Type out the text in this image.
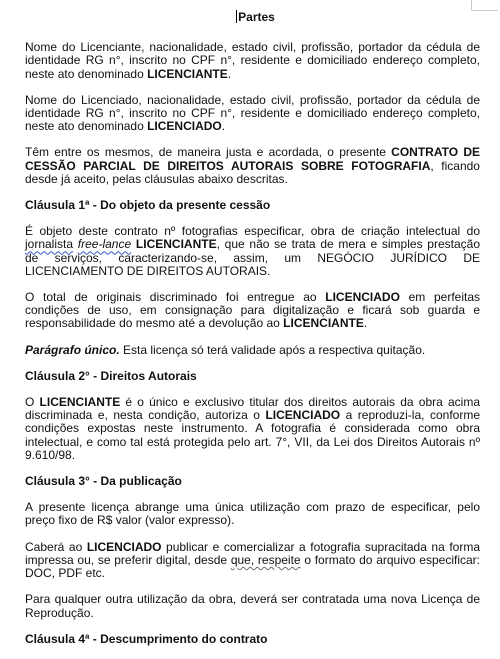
Partes

Nome do Licenciante, nacionalidade, estado civil, profissão, portador da cédula de identidade RG n°, inscrito no CPF n°, residente e domiciliado endereço completo, neste ato denominado LICENCIANTE.

Nome do Licenciado, nacionalidade, estado civil, profissão, portador da cédula de identidade RG n°, inscrito no CPF n°, residente e domiciliado endereço completo, neste ato denominado LICENCIADO.

Têm entre os mesmos, de maneira justa e acordada, o presente CONTRATO DE CESSÃO PARCIAL DE DIREITOS AUTORAIS SOBRE FOTOGRAFIA, ficando desde já aceito, pelas cláusulas abaixo descritas.

Cláusula 1ª - Do objeto da presente cessão

É objeto deste contrato nº fotografias especificar, obra de criação intelectual do jornalista free-lance LICENCIANTE, que não se trata de mera e simples prestação de serviços, caracterizando-se, assim, um NEGÓCIO JURÍDICO DE LICENCIAMENTO DE DIREITOS AUTORAIS.

O total de originais discriminado foi entregue ao LICENCIADO em perfeitas condições de uso, em consignação para digitalização e ficará sob guarda e responsabilidade do mesmo até a devolução ao LICENCIANTE.

Parágrafo único. Esta licença só terá validade após a respectiva quitação.

Cláusula 2° - Direitos Autorais

O LICENCIANTE é o único e exclusivo titular dos direitos autorais da obra acima discriminada e, nesta condição, autoriza o LICENCIADO a reproduzi-la, conforme condições expostas neste instrumento. A fotografia é considerada como obra intelectual, e como tal está protegida pelo art. 7°, VII, da Lei dos Direitos Autorais nº 9.610/98.

Cláusula 3° - Da publicação

A presente licença abrange uma única utilização com prazo de especificar, pelo preço fixo de R$ valor (valor expresso).

Caberá ao LICENCIADO publicar e comercializar a fotografia supracitada na forma impressa ou, se preferir digital, desde que, respeite o formato do arquivo especificar: DOC, PDF etc.

Para qualquer outra utilização da obra, deverá ser contratada uma nova Licença de Reprodução.

Cláusula 4ª - Descumprimento do contrato
